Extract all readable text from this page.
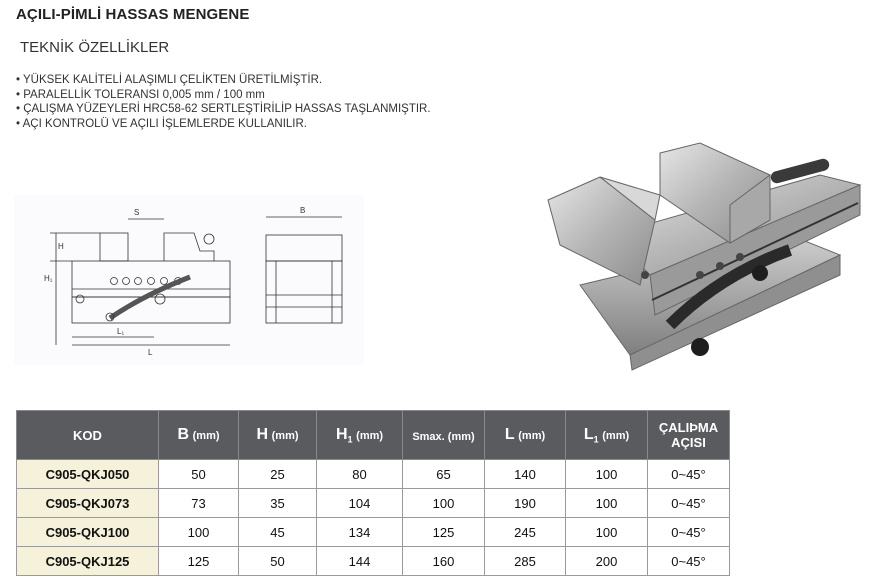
AÇILI-PİMLİ HASSAS MENGENE
TEKNİK ÖZELLİKLER
• YÜKSEK KALİTELİ ALAŞIMLI ÇELİKTEN ÜRETİLMİŞTİR.
• PARALELLİK TOLERANSI 0,005 mm / 100 mm
• ÇALIŞMA YÜZEYLERİ HRC58-62 SERTLEŞTİRİLİP HASSAS TAŞLANMIŞTIR.
• AÇI KONTROLÜ VE AÇILI İŞLEMLERDE KULLANILIR.
S
H
H₁
L₁
L
B
KOD	B (mm)	H (mm)	$H_1$ (mm)	Smax. (mm)	L (mm)	$L_1$ (mm)	ÇALIÞMA
AÇISI
C905-QKJ050	50	25	80	65	140	100	0~45°
C905-QKJ073	73	35	104	100	190	100	0~45°
C905-QKJ100	100	45	134	125	245	100	0~45°
C905-QKJ125	125	50	144	160	285	200	0~45°
